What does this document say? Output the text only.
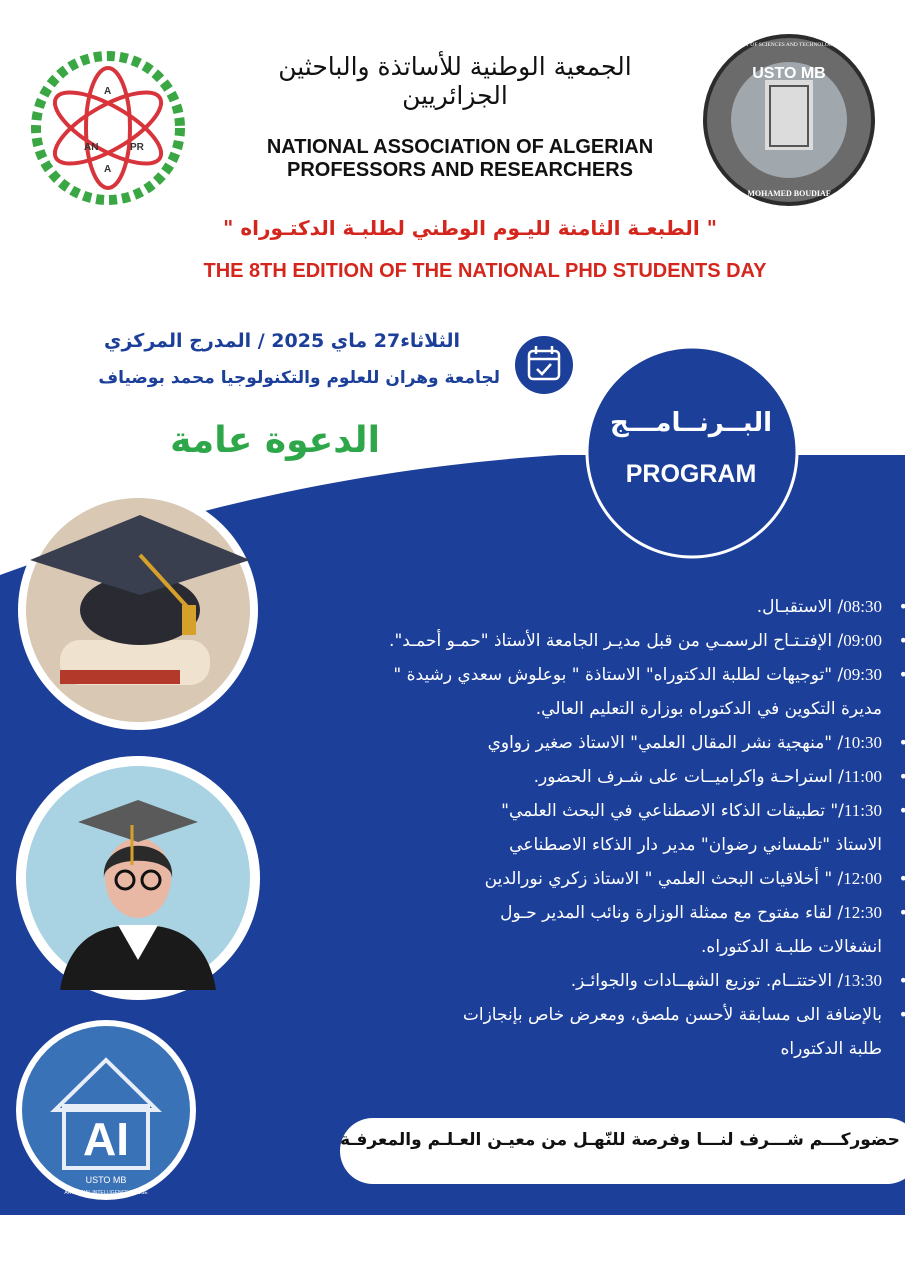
AI
USTO MB
ARTIFICIAL INTELLIGENCE HOUSE
AN
A
PR
A
USTO MB
MOHAMED BOUDIAF
UNIVERSITY OF SCIENCES AND TECHNOLOGY OF ORAN
الجمعية الوطنية للأساتذة والباحثين الجزائريين
NATIONAL ASSOCIATION OF ALGERIAN PROFESSORS AND RESEARCHERS
" الطبعـة الثامنة لليـوم الوطني لطلبـة الدكتـوراه "
THE 8TH EDITION OF THE NATIONAL PHD STUDENTS DAY
الثلاثاء27 ماي 2025 / المدرج المركزي
لجامعة وهران للعلوم والتكنولوجيا محمد بوضياف
الدعوة عامة	البــرنــامـــج
PROGRAM
08:30/ الاستقبـال. •
09:00/ الإفتـتـاح الرسمـي من قبل مديـر الجامعة الأستاذ "حمـو أحمـد". •
09:30/ "توجيهات لطلبة الدكتوراه" الاستاذة " بوعلوش سعدي رشيدة "
مديرة التكوين في الدكتوراه بوزارة التعليم العالي.
•
10:30/ "منهجية نشر المقال العلمي" الاستاذ صغير زواوي •
11:00/ استراحـة واكراميــات على شـرف الحضور. •
11:30/" تطبيقات الذكاء الاصطناعي في البحث العلمي"
الاستاذ "تلمساني رضوان" مدير دار الذكاء الاصطناعي
•
12:00/ " أخلاقيات البحث العلمي " الاستاذ زكري نورالدين •
12:30/ لقاء مفتوح مع ممثلة الوزارة ونائب المدير حـول
انشغالات طلبـة الدكتوراه.
•
13:30/ الاختتــام. توزيع الشهــادات والجوائـز. •
بالإضافة الى مسابقة لأحسن ملصق، ومعرض خاص بإنجازات
طلبة الدكتوراه
•
حضوركـــم شـــرف لنـــا وفرصة للنّهـل من معيـن العـلـم والمعرفـة
